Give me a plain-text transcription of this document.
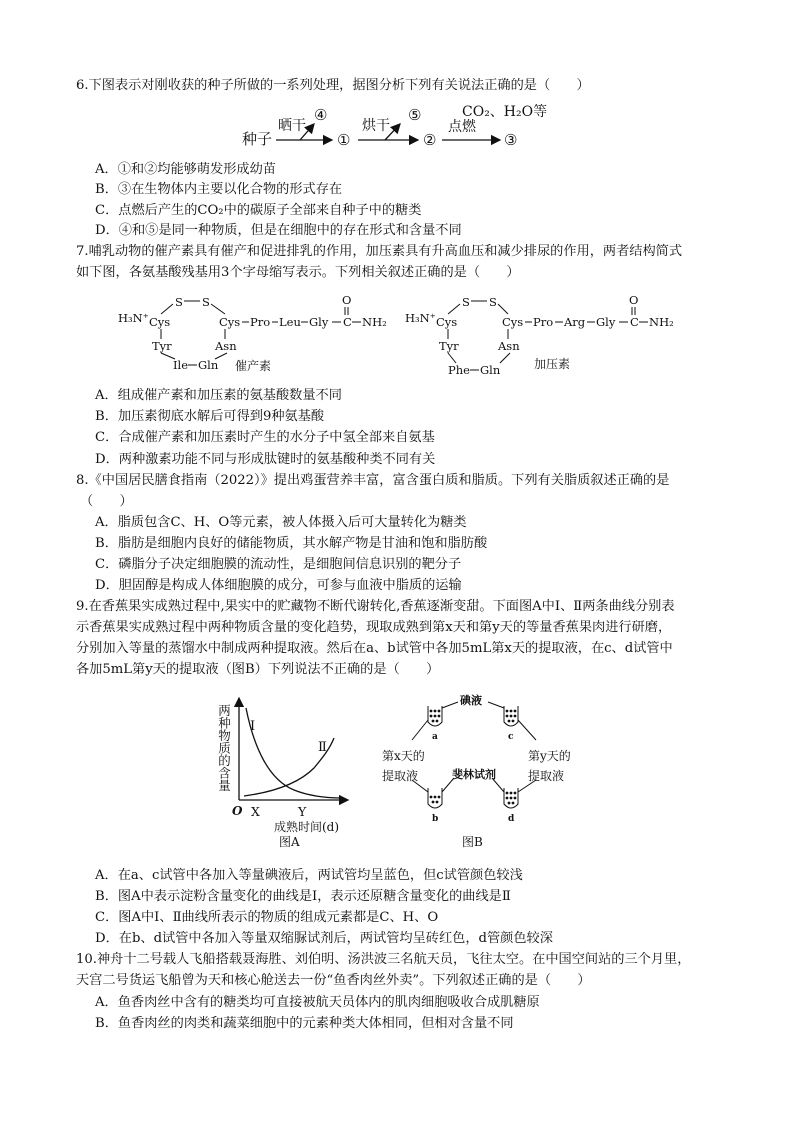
6.下图表示对刚收获的种子所做的一系列处理，据图分析下列有关说法正确的是（　　）
种子
晒干
④
①
烘干
⑤
②
CO₂、H₂O等
点燃
③
A．①和②均能够萌发形成幼苗
B．③在生物体内主要以化合物的形式存在
C．点燃后产生的CO₂中的碳原子全部来自种子中的糖类
D．④和⑤是同一种物质，但是在细胞中的存在形式和含量不同
7.哺乳动物的催产素具有催产和促进排乳的作用，加压素具有升高血压和减少排尿的作用，两者结构简式
如下图，各氨基酸残基用3个字母缩写表示。下列相关叙述正确的是（　　）
H₃N⁺ Cys
S S
Cys Pro Leu Gly C
O
NH₂
Tyr	Asn
Ile Gln 催产素
H₃N⁺ Cys
S S
Cys Pro Arg Gly C
O
NH₂
Tyr	Asn
Phe Gln	加压素
A．组成催产素和加压素的氨基酸数量不同
B．加压素彻底水解后可得到9种氨基酸
C．合成催产素和加压素时产生的水分子中氢全部来自氨基
D．两种激素功能不同与形成肽键时的氨基酸种类不同有关
8.《中国居民膳食指南（2022）》提出鸡蛋营养丰富，富含蛋白质和脂质。下列有关脂质叙述正确的是
（　　）
A．脂质包含C、H、O等元素，被人体摄入后可大量转化为糖类
B．脂肪是细胞内良好的储能物质，其水解产物是甘油和饱和脂肪酸
C．磷脂分子决定细胞膜的流动性，是细胞间信息识别的靶分子
D．胆固醇是构成人体细胞膜的成分，可参与血液中脂质的运输
9.在香蕉果实成熟过程中,果实中的贮藏物不断代谢转化,香蕉逐渐变甜。下面图A中Ⅰ、Ⅱ两条曲线分别表
示香蕉果实成熟过程中两种物质含量的变化趋势，现取成熟到第x天和第y天的等量香蕉果肉进行研磨，
分别加入等量的蒸馏水中制成两种提取液。然后在a、b试管中各加5mL第x天的提取液，在c、d试管中
各加5mL第y天的提取液（图B）下列说法不正确的是（　　）
两种物质的含量 Ⅰ
Ⅱ
O X	Y
成熟时间(d)
图A
碘液
斐林试剂
a	c
b	d
第x天的
提取液
第y天的
提取液
图B
A．在a、c试管中各加入等量碘液后，两试管均呈蓝色，但c试管颜色较浅
B．图A中表示淀粉含量变化的曲线是Ⅰ，表示还原糖含量变化的曲线是Ⅱ
C．图A中Ⅰ、Ⅱ曲线所表示的物质的组成元素都是C、H、O
D．在b、d试管中各加入等量双缩脲试剂后，两试管均呈砖红色，d管颜色较深
10.神舟十二号载人飞船搭载聂海胜、刘伯明、汤洪波三名航天员，飞往太空。在中国空间站的三个月里，
天宫二号货运飞船曾为天和核心舱送去一份“鱼香肉丝外卖”。下列叙述正确的是（　　）
A．鱼香肉丝中含有的糖类均可直接被航天员体内的肌肉细胞吸收合成肌糖原
B．鱼香肉丝的肉类和蔬菜细胞中的元素种类大体相同，但相对含量不同
